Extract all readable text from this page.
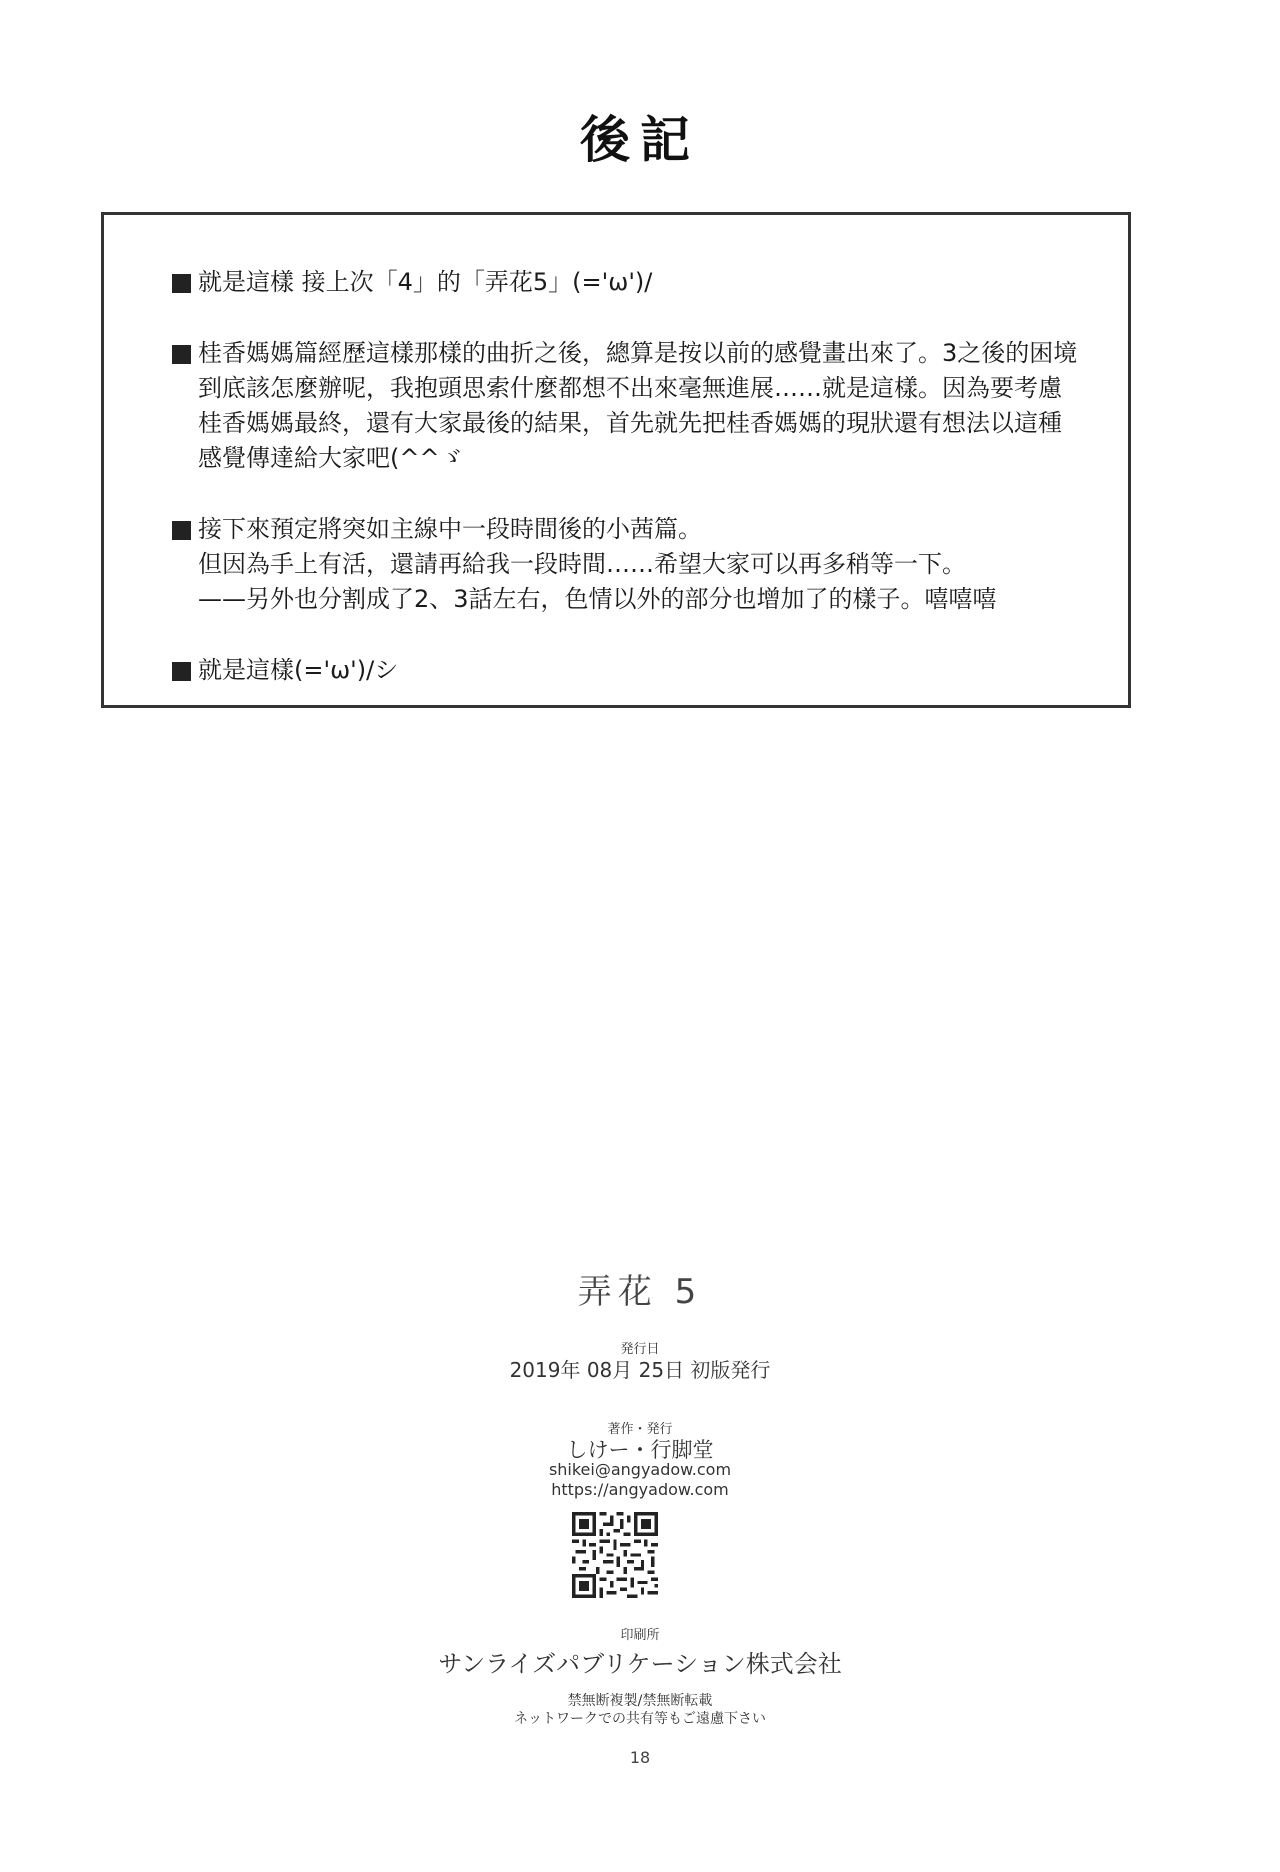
後記
就是這樣 接上次「4」的「弄花5」(='ω')/
桂香媽媽篇經歷這樣那樣的曲折之後，總算是按以前的感覺畫出來了。3之後的困境
到底該怎麼辦呢，我抱頭思索什麼都想不出來毫無進展……就是這樣。因為要考慮
桂香媽媽最終，還有大家最後的結果，首先就先把桂香媽媽的現狀還有想法以這種
感覺傳達給大家吧(^^ゞ
接下來預定將突如主線中一段時間後的小茜篇。
但因為手上有活，還請再給我一段時間……希望大家可以再多稍等一下。
——另外也分割成了2、3話左右，色情以外的部分也增加了的樣子。嘻嘻嘻
就是這樣(='ω')/シ
弄花 5
発行日
2019年 08月 25日 初版発行
著作・発行
しけー・行脚堂
shikei@angyadow.com
https://angyadow.com
印刷所
サンライズパブリケーション株式会社
禁無断複製/禁無断転載
ネットワークでの共有等もご遠慮下さい
18
